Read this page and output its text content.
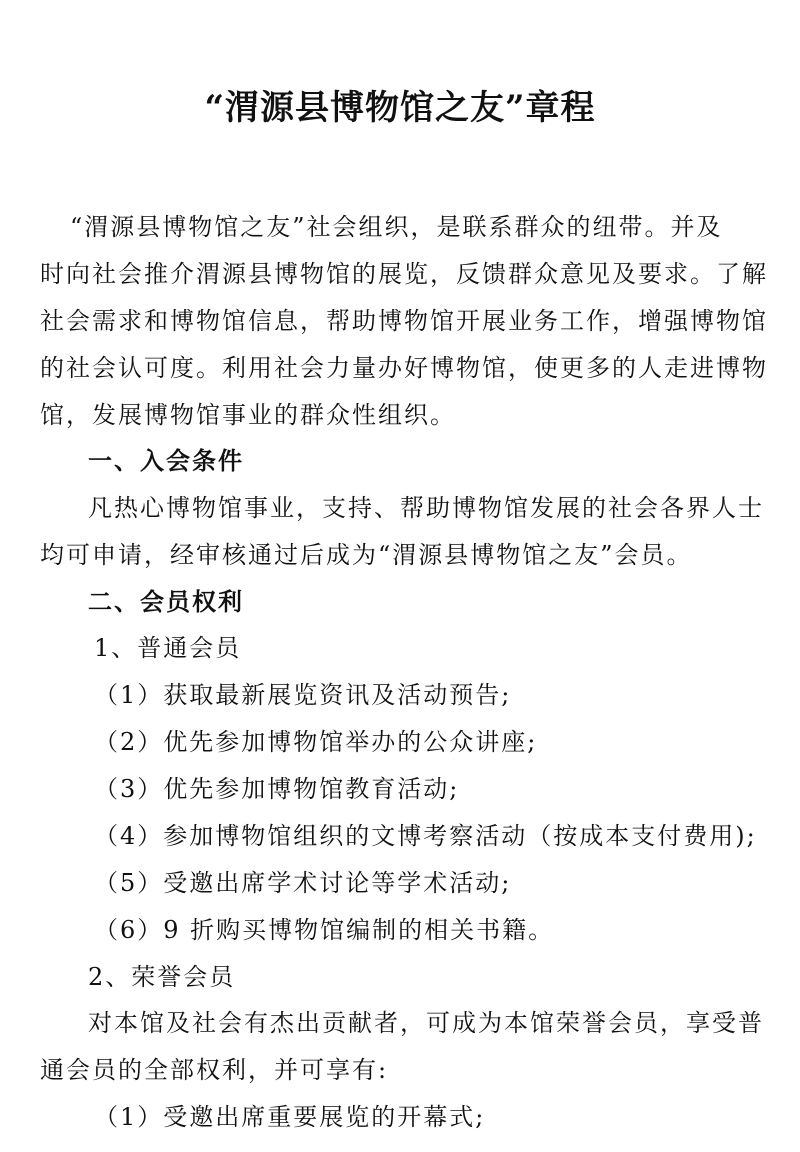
“渭源县博物馆之友”章程
“渭源县博物馆之友”社会组织，是联系群众的纽带。并及
时向社会推介渭源县博物馆的展览，反馈群众意见及要求。了解
社会需求和博物馆信息，帮助博物馆开展业务工作，增强博物馆
的社会认可度。利用社会力量办好博物馆，使更多的人走进博物
馆，发展博物馆事业的群众性组织。
一、入会条件
凡热心博物馆事业，支持、帮助博物馆发展的社会各界人士
均可申请，经审核通过后成为“渭源县博物馆之友”会员。
二、会员权利
1、普通会员
（1）获取最新展览资讯及活动预告;
（2）优先参加博物馆举办的公众讲座;
（3）优先参加博物馆教育活动;
（4）参加博物馆组织的文博考察活动（按成本支付费用);
（5）受邀出席学术讨论等学术活动;
（6）9 折购买博物馆编制的相关书籍。
2、荣誉会员
对本馆及社会有杰出贡献者，可成为本馆荣誉会员，享受普
通会员的全部权利，并可享有:
（1）受邀出席重要展览的开幕式;
